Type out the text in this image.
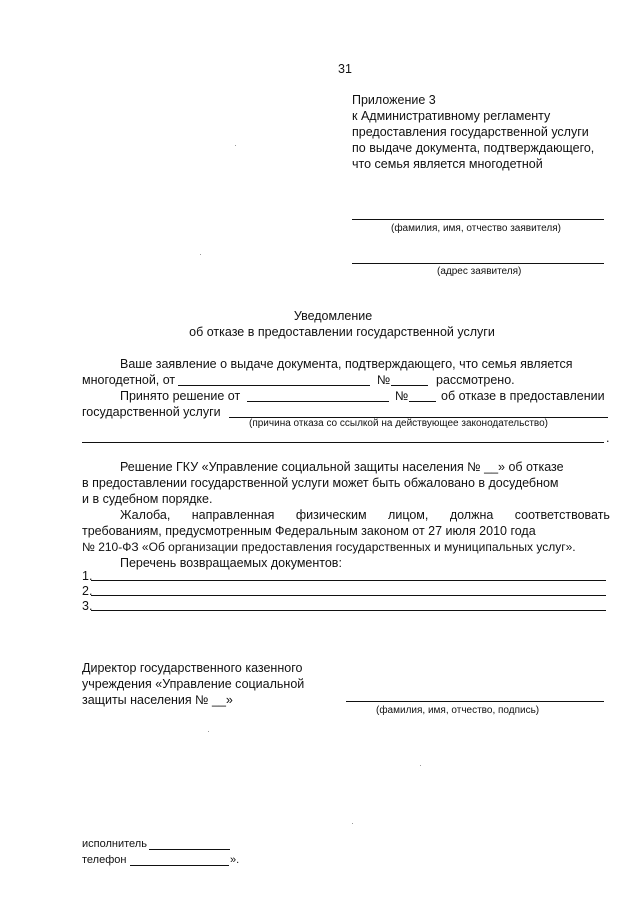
31
Приложение 3
к Административному регламенту
предоставления государственной услуги
по выдаче документа, подтверждающего,
что семья является многодетной
(фамилия, имя, отчество заявителя)
(адрес заявителя)
Уведомление
об отказе в предоставлении государственной услуги
Ваше заявление о выдаче документа, подтверждающего, что семья является
многодетной, от	№	рассмотрено.
Принято решение от	№	об отказе в предоставлении
государственной услуги
(причина отказа со ссылкой на действующее законодательство)
.
Решение ГКУ «Управление социальной защиты населения № __» об отказе
в предоставлении государственной услуги может быть обжаловано в досудебном
и в судебном порядке.
Жалоба, направленная физическим лицом, должна соответствовать
требованиям, предусмотренным Федеральным законом от 27 июля 2010 года
№ 210-ФЗ «Об организации предоставления государственных и муниципальных услуг».
Перечень возвращаемых документов:
1.
2.
3.
Директор государственного казенного
учреждения «Управление социальной
защиты населения № __»
(фамилия, имя, отчество, подпись)
исполнитель
телефон	».
